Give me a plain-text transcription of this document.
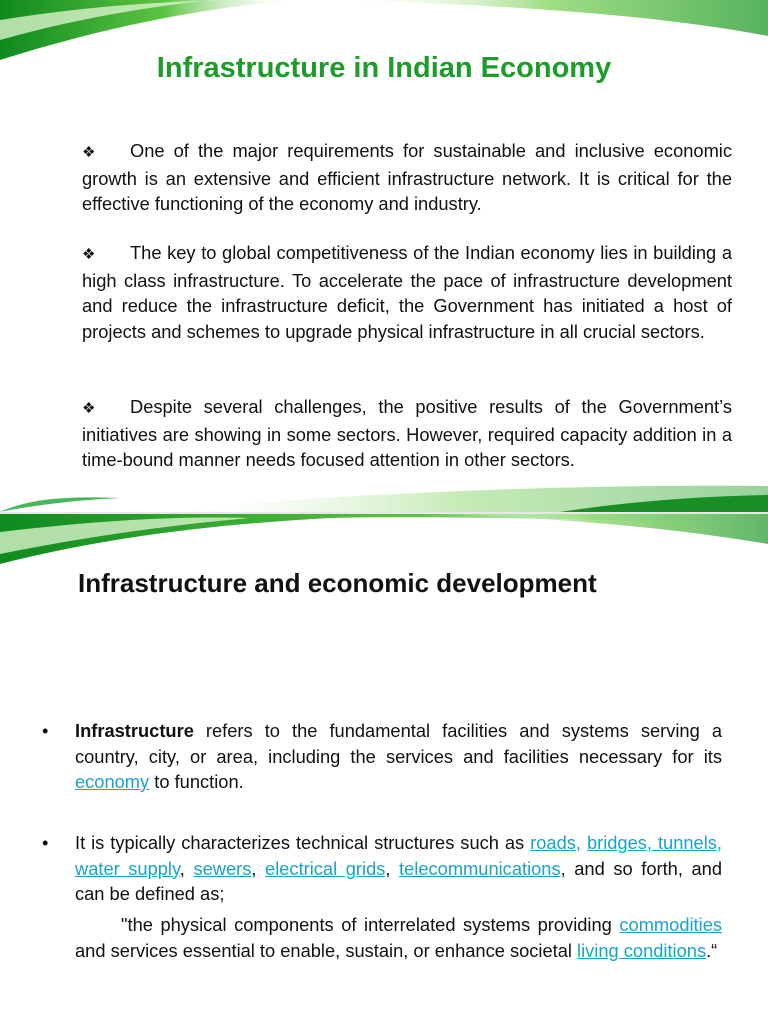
Infrastructure in Indian Economy

❖ One of the major requirements for sustainable and inclusive economic growth is an extensive and efficient infrastructure network. It is critical for the effective functioning of the economy and industry.

❖ The key to global competitiveness of the Indian economy lies in building a high class infrastructure. To accelerate the pace of infrastructure development and reduce the infrastructure deficit, the Government has initiated a host of projects and schemes to upgrade physical infrastructure in all crucial sectors.

❖ Despite several challenges, the positive results of the Government’s initiatives are showing in some sectors. However, required capacity addition in a time-bound manner needs focused attention in other sectors.

Infrastructure and economic development
• Infrastructure refers to the fundamental facilities and systems serving a country, city, or area, including the services and facilities necessary for its economy to function.
• It is typically characterizes technical structures such as roads, bridges, tunnels, water supply, sewers, electrical grids, telecommunications, and so forth, and can be defined as;
"the physical components of interrelated systems providing commodities and services essential to enable, sustain, or enhance societal living conditions.“
fppt.com
